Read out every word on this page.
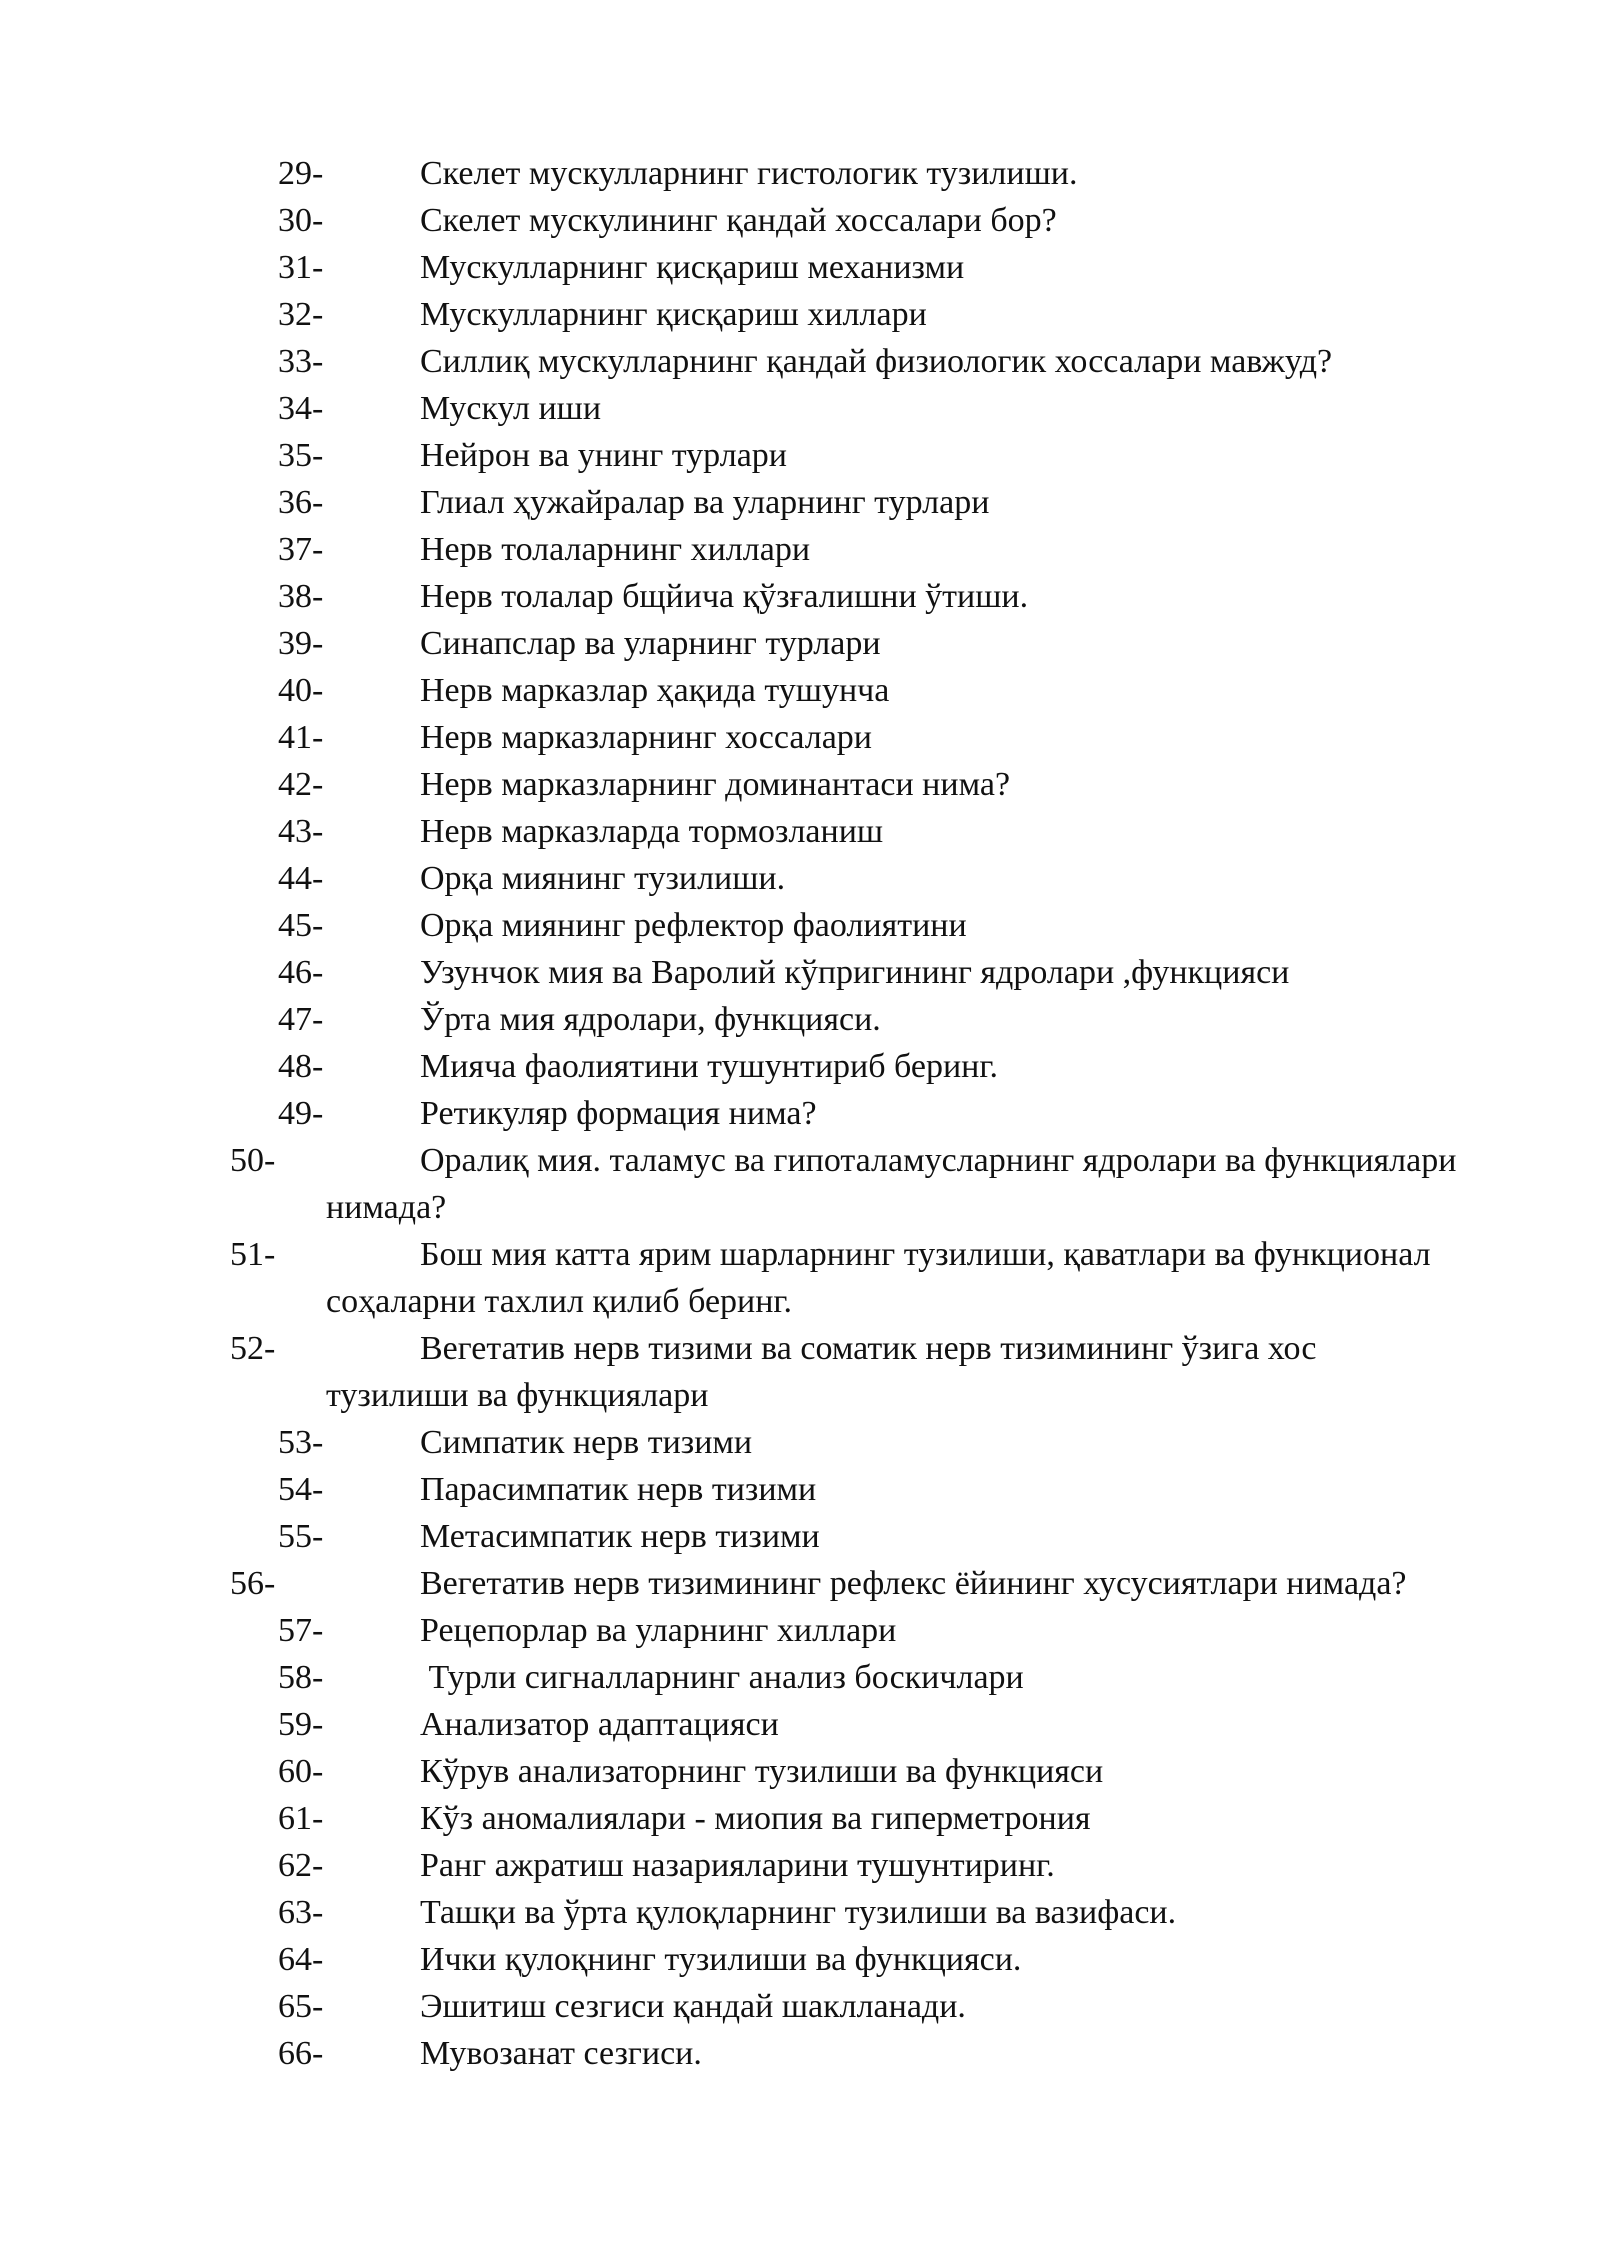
29-	Скелет мускулларнинг гистологик тузилиши.
30-	Скелет мускулининг қандай хоссалари бор?
31-	Мускулларнинг қисқариш механизми
32-	Мускулларнинг қисқариш хиллари
33-	Силлиқ мускулларнинг қандай физиологик хоссалари мавжуд?
34-	Мускул иши
35-	Нейрон ва унинг турлари
36-	Глиал ҳужайралар ва уларнинг турлари
37-	Нерв толаларнинг хиллари
38-	Нерв толалар бщйича қўзғалишни ўтиши.
39-	Синапслар ва уларнинг турлари
40-	Нерв марказлар ҳақида тушунча
41-	Нерв марказларнинг хоссалари
42-	Нерв марказларнинг доминантаси нима?
43-	Нерв марказларда тормозланиш
44-	Орқа миянинг тузилиши.
45-	Орқа миянинг рефлектор фаолиятини
46-	Узунчок мия ва Варолий кўпригининг ядролари ,функцияси
47-	Ўрта мия ядролари, функцияси.
48-	Мияча фаолиятини тушунтириб беринг.
49-	Ретикуляр формация нима?
50-	Оралиқ мия. таламус ва гипоталамусларнинг ядролари ва функциялари нимада?
51-	Бош мия катта ярим шарларнинг тузилиши, қаватлари ва функционал соҳаларни тахлил қилиб беринг.
52-	Вегетатив нерв тизими ва соматик нерв тизимининг ўзига хос тузилиши ва функциялари
53-	Симпатик нерв тизими
54-	Парасимпатик нерв тизими
55-	Метасимпатик нерв тизими
56-	Вегетатив нерв тизимининг рефлекс ёйининг хусусиятлари нимада?
57-	Рецепорлар ва уларнинг хиллари
58-	Турли сигналларнинг анализ боскичлари
59-	Анализатор адаптацияси
60-	Кўрув анализаторнинг тузилиши ва функцияси
61-	Кўз аномалиялари - миопия ва гиперметрония
62-	Ранг ажратиш назарияларини тушунтиринг.
63-	Ташқи ва ўрта қулоқларнинг тузилиши ва вазифаси.
64-	Ички қулоқнинг тузилиши ва функцияси.
65-	Эшитиш сезгиси қандай шаклланади.
66-	Мувозанат сезгиси.
